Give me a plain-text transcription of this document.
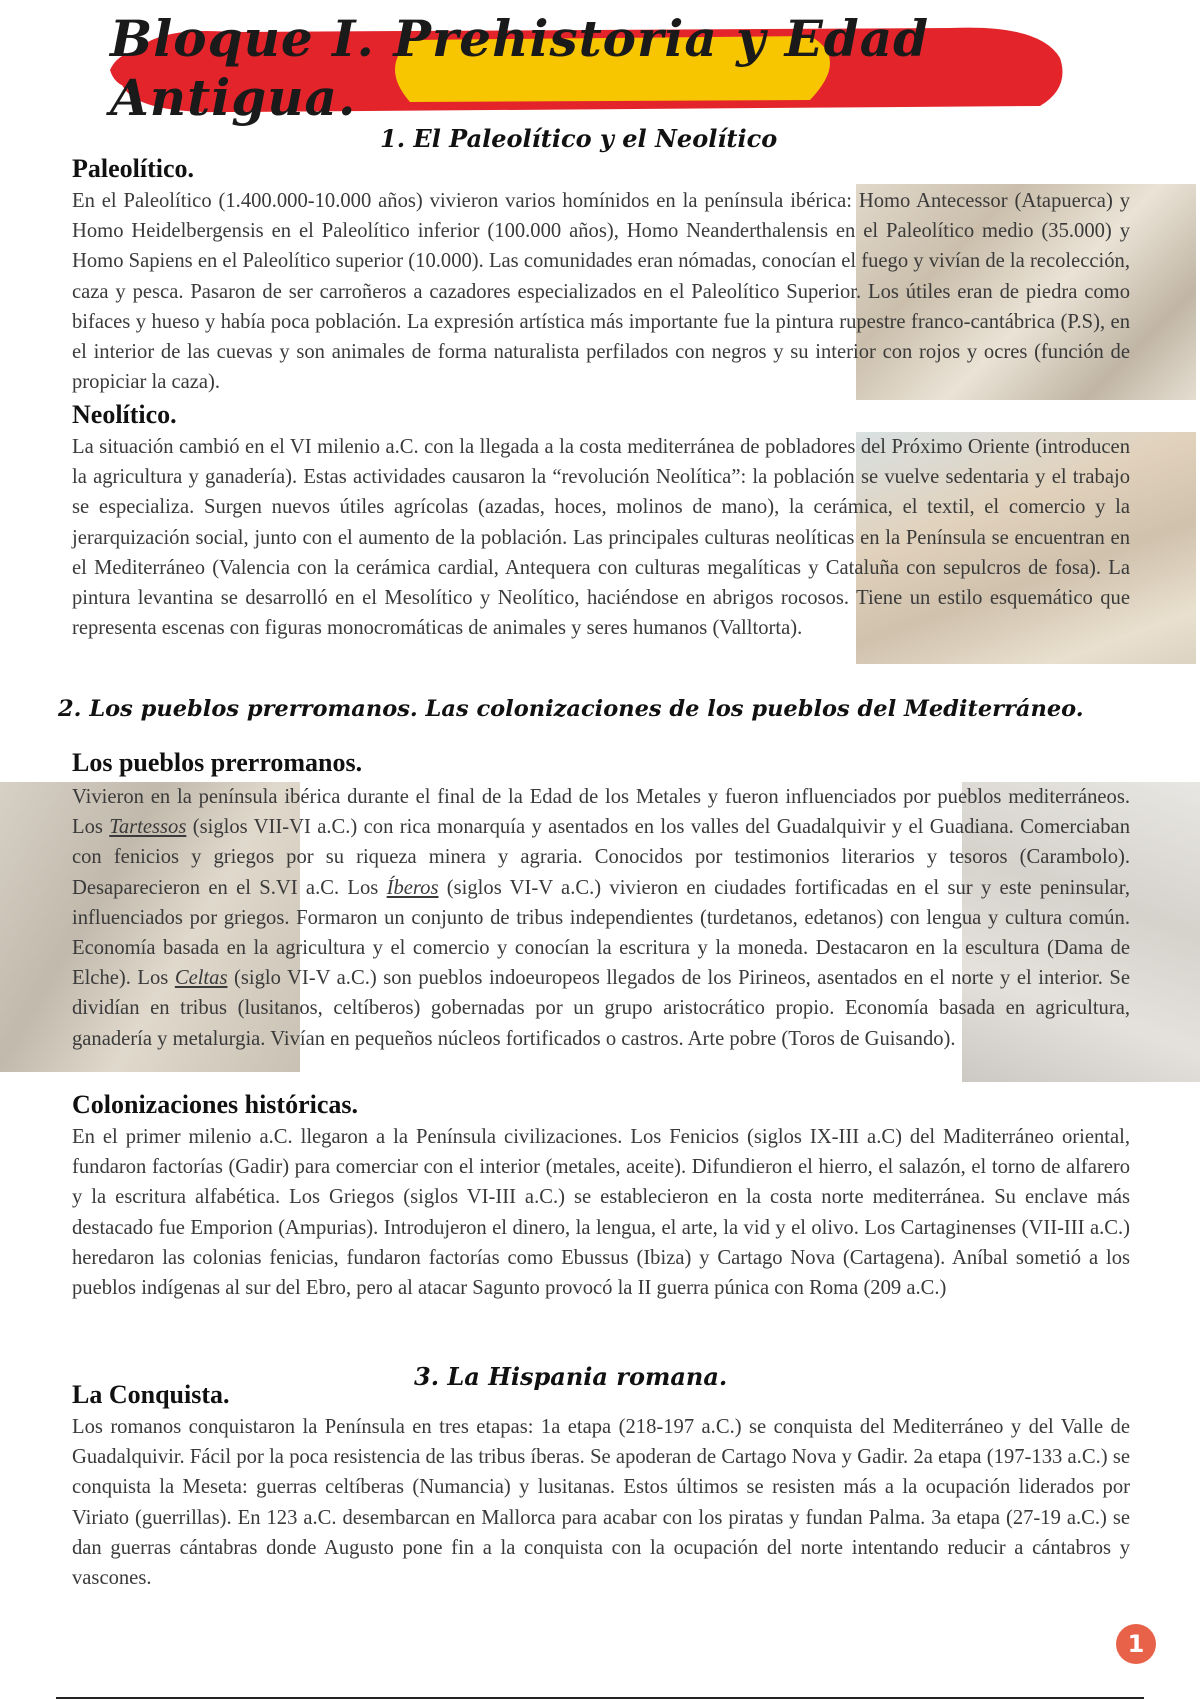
Bloque I. Prehistoria y Edad Antigua.
1. El Paleolítico y el Neolítico
Paleolítico.
En el Paleolítico (1.400.000-10.000 años) vivieron varios homínidos en la península ibérica: Homo Antecessor (Atapuerca) y Homo Heidelbergensis en el Paleolítico inferior (100.000 años), Homo Neanderthalensis en el Paleolítico medio (35.000) y Homo Sapiens en el Paleolítico superior (10.000). Las comunidades eran nómadas, conocían el fuego y vivían de la recolección, caza y pesca. Pasaron de ser carroñeros a cazadores especializados en el Paleolítico Superior. Los útiles eran de piedra como bifaces y hueso y había poca población. La expresión artística más importante fue la pintura rupestre franco-cantábrica (P.S), en el interior de las cuevas y son animales de forma naturalista perfilados con negros y su interior con rojos y ocres (función de propiciar la caza).
Neolítico.
La situación cambió en el VI milenio a.C. con la llegada a la costa mediterránea de pobladores del Próximo Oriente (introducen la agricultura y ganadería). Estas actividades causaron la “revolución Neolítica”: la población se vuelve sedentaria y el trabajo se especializa. Surgen nuevos útiles agrícolas (azadas, hoces, molinos de mano), la cerámica, el textil, el comercio y la jerarquización social, junto con el aumento de la población. Las principales culturas neolíticas en la Península se encuentran en el Mediterráneo (Valencia con la cerámica cardial, Antequera con culturas megalíticas y Cataluña con sepulcros de fosa). La pintura levantina se desarrolló en el Mesolítico y Neolítico, haciéndose en abrigos rocosos. Tiene un estilo esquemático que representa escenas con figuras monocromáticas de animales y seres humanos (Valltorta).
2. Los pueblos prerromanos. Las colonizaciones de los pueblos del Mediterráneo.
Los pueblos prerromanos.
Vivieron en la península ibérica durante el final de la Edad de los Metales y fueron influenciados por pueblos mediterráneos. Los Tartessos (siglos VII-VI a.C.) con rica monarquía y asentados en los valles del Guadalquivir y el Guadiana. Comerciaban con fenicios y griegos por su riqueza minera y agraria. Conocidos por testimonios literarios y tesoros (Carambolo). Desaparecieron en el S.VI a.C. Los Íberos (siglos VI-V a.C.) vivieron en ciudades fortificadas en el sur y este peninsular, influenciados por griegos. Formaron un conjunto de tribus independientes (turdetanos, edetanos) con lengua y cultura común. Economía basada en la agricultura y el comercio y conocían la escritura y la moneda. Destacaron en la escultura (Dama de Elche). Los Celtas (siglo VI-V a.C.) son pueblos indoeuropeos llegados de los Pirineos, asentados en el norte y el interior. Se dividían en tribus (lusitanos, celtíberos) gobernadas por un grupo aristocrático propio. Economía basada en agricultura, ganadería y metalurgia. Vivían en pequeños núcleos fortificados o castros. Arte pobre (Toros de Guisando).
Colonizaciones históricas.
En el primer milenio a.C. llegaron a la Península civilizaciones. Los Fenicios (siglos IX-III a.C) del Maditerráneo oriental, fundaron factorías (Gadir) para comerciar con el interior (metales, aceite). Difundieron el hierro, el salazón, el torno de alfarero y la escritura alfabética. Los Griegos (siglos VI-III a.C.) se establecieron en la costa norte mediterránea. Su enclave más destacado fue Emporion (Ampurias). Introdujeron el dinero, la lengua, el arte, la vid y el olivo. Los Cartaginenses (VII-III a.C.) heredaron las colonias fenicias, fundaron factorías como Ebussus (Ibiza) y Cartago Nova (Cartagena). Aníbal sometió a los pueblos indígenas al sur del Ebro, pero al atacar Sagunto provocó la II guerra púnica con Roma (209 a.C.)
3. La Hispania romana.
La Conquista.
Los romanos conquistaron la Península en tres etapas: 1a etapa (218-197 a.C.) se conquista del Mediterráneo y del Valle de Guadalquivir. Fácil por la poca resistencia de las tribus íberas. Se apoderan de Cartago Nova y Gadir. 2a etapa (197-133 a.C.) se conquista la Meseta: guerras celtíberas (Numancia) y lusitanas. Estos últimos se resisten más a la ocupación liderados por Viriato (guerrillas). En 123 a.C. desembarcan en Mallorca para acabar con los piratas y fundan Palma. 3a etapa (27-19 a.C.) se dan guerras cántabras donde Augusto pone fin a la conquista con la ocupación del norte intentando reducir a cántabros y vascones.
1
